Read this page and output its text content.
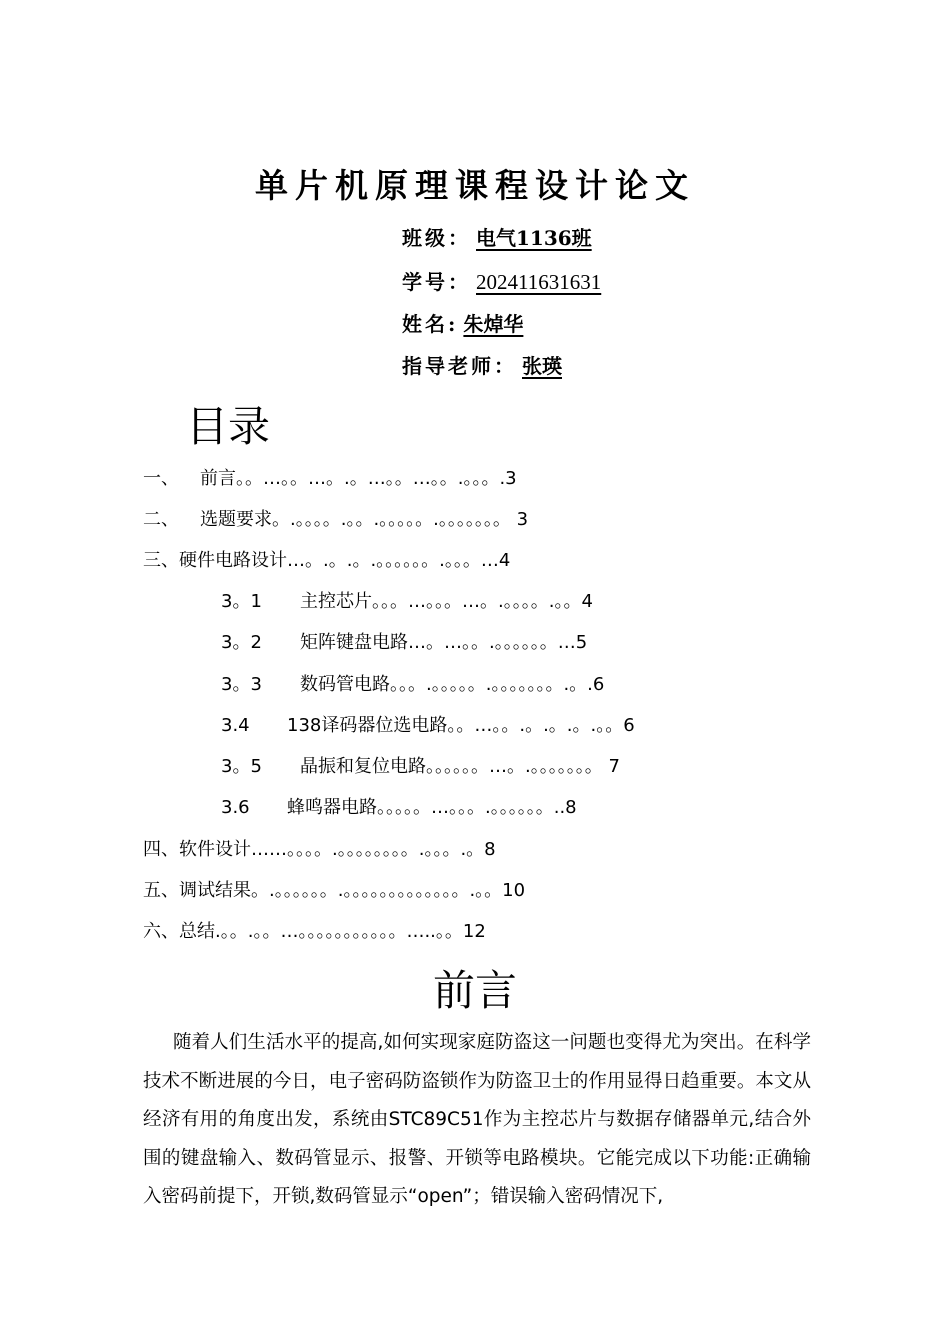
单片机原理课程设计论文
班级： 电气1136班
学号： 202411631631
姓名: 朱焯华
指导老师： 张瑛
目录
一、 前言。。…。。…。.。…。。…。。.。。。.3
二、 选题要求。.。。。。.。。.。。。。。.。。。。。。。 3
三、硬件电路设计…。.。.。.。。。。。。.。。。…4
3。1 主控芯片。。。…。。。…。.。。。。.。。4
3。2 矩阵键盘电路…。…。。.。。。。。。…5
3。3 数码管电路。。。.。。。。。.。。。。。。。.。.6
3.4 138译码器位选电路。。…。。.。.。.。.。。6
3。5 晶振和复位电路。。。。。。…。.。。。。。。。 7
3.6 蜂鸣器电路。。。。。…。。。.。。。。。。..8
四、软件设计……。。。。.。。。。。。。。.。。。.。8
五、调试结果。.。。。。。。.。。。。。。。。。。。。。.。。10
六、总结.。。.。。…。。。。。。。。。。。…..。。12
前言
随着人们生活水平的提高,如何实现家庭防盗这一问题也变得尤为突出。在科学技术不断进展的今日，电子密码防盗锁作为防盗卫士的作用显得日趋重要。本文从经济有用的角度出发，系统由STC89C51作为主控芯片与数据存储器单元,结合外围的键盘输入、数码管显示、报警、开锁等电路模块。它能完成以下功能:正确输入密码前提下，开锁,数码管显示“open”；错误输入密码情况下,
